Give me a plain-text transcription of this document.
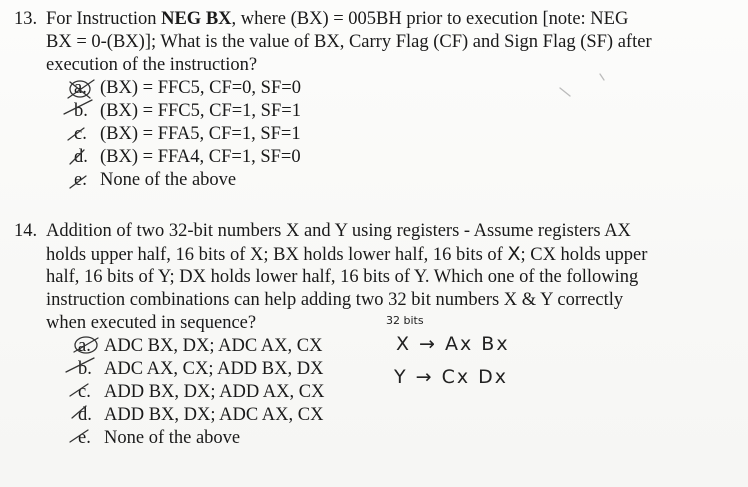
13. For Instruction NEG BX, where (BX) = 005BH prior to execution [note: NEG
BX = 0-(BX)]; What is the value of BX, Carry Flag (CF) and Sign Flag (SF) after
execution of the instruction?
a. (BX) = FFC5, CF=0, SF=0
b. (BX) = FFC5, CF=1, SF=1
c. (BX) = FFA5, CF=1, SF=1
d. (BX) = FFA4, CF=1, SF=0
e. None of the above
14. Addition of two 32-bit numbers X and Y using registers - Assume registers AX
holds upper half, 16 bits of X; BX holds lower half, 16 bits of X; CX holds upper
half, 16 bits of Y; DX holds lower half, 16 bits of Y. Which one of the following
instruction combinations can help adding two 32 bit numbers X & Y correctly
when executed in sequence?
a. ADC BX, DX; ADC AX, CX
b. ADC AX, CX; ADD BX, DX
c. ADD BX, DX; ADD AX, CX
d. ADD BX, DX; ADC AX, CX
e. None of the above
32 bits
X → Ax Bx
Y → Cx Dx
